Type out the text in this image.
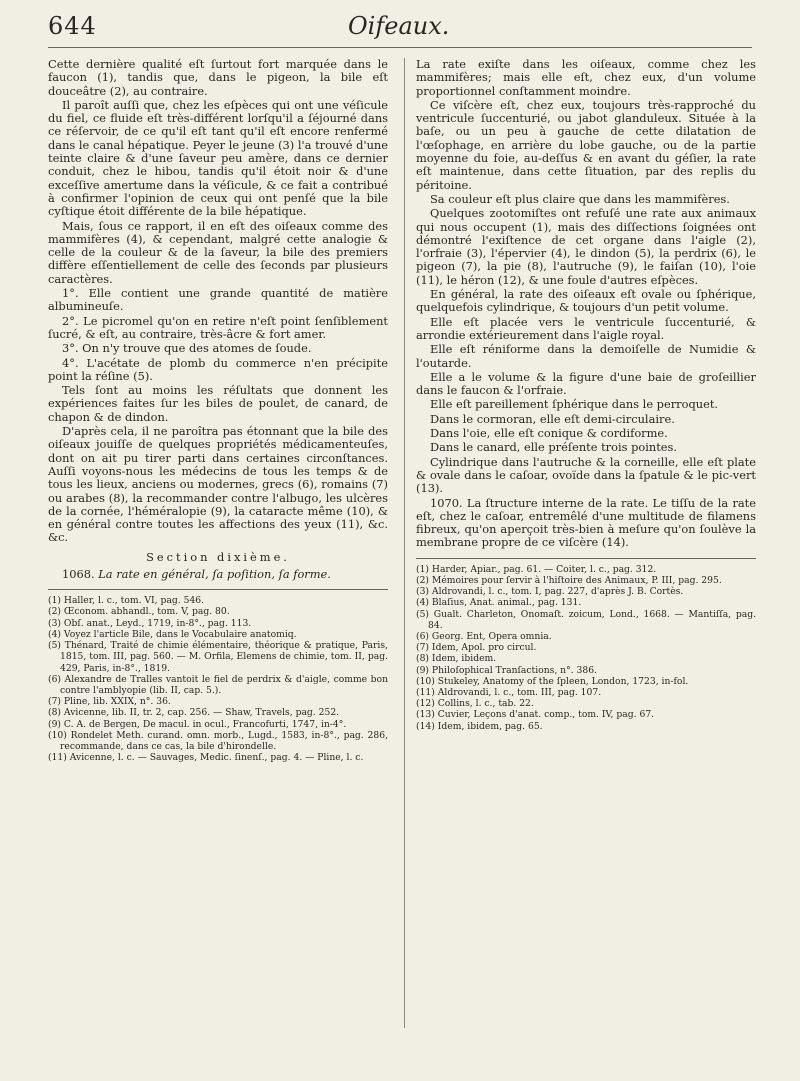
644	Oifeaux.

Cette dernière qualité eſt ſurtout fort marquée dans le faucon (1), tandis que, dans le pigeon, la bile eſt douceâtre (2), au contraire.

Il paroît auſſi que, chez les eſpèces qui ont une véſicule du fiel, ce fluide eſt très-différent lorſqu'il a ſéjourné dans ce réſervoir, de ce qu'il eſt tant qu'il eſt encore renfermé dans le canal hépatique. Peyer le jeune (3) l'a trouvé d'une teinte claire & d'une ſaveur peu amère, dans ce dernier conduit, chez le hibou, tandis qu'il étoit noir & d'une exceſſive amertume dans la véſicule, & ce fait a contribué à confirmer l'opinion de ceux qui ont penſé que la bile cyſtique étoit différente de la bile hépatique.

Mais, ſous ce rapport, il en eſt des oiſeaux comme des mammifères (4), & cependant, malgré cette analogie & celle de la couleur & de la ſaveur, la bile des premiers diffère eſſentiellement de celle des ſeconds par plusieurs caractères.

1°. Elle contient une grande quantité de matière albumineuſe.

2°. Le picromel qu'on en retire n'eſt point ſenſiblement ſucré, & eſt, au contraire, très-âcre & fort amer.

3°. On n'y trouve que des atomes de ſoude.

4°. L'acétate de plomb du commerce n'en précipite point la réſine (5).

Tels ſont au moins les réſultats que donnent les expériences faites ſur les biles de poulet, de canard, de chapon & de dindon.

D'après cela, il ne paroîtra pas étonnant que la bile des oiſeaux jouiſſe de quelques propriétés médicamenteuſes, dont on ait pu tirer parti dans certaines circonſtances. Auſſi voyons-nous les médecins de tous les temps & de tous les lieux, anciens ou modernes, grecs (6), romains (7) ou arabes (8), la recommander contre l'albugo, les ulcères de la cornée, l'héméralopie (9), la cataracte même (10), & en général contre toutes les affections des yeux (11), &c. &c.

Section dixième.

1068. La rate en général, ſa poſition, ſa forme.

(1) Haller, l. c., tom. VI, pag. 546.

(2) Œconom. abhandl., tom. V, pag. 80.

(3) Obſ. anat., Leyd., 1719, in-8°., pag. 113.

(4) Voyez l'article Bile, dans le Vocabulaire anatomiq.

(5) Thénard, Traité de chimie élémentaire, théorique & pratique, Paris, 1815, tom. III, pag. 560. — M. Orfila, Elemens de chimie, tom. II, pag. 429, Paris, in-8°., 1819.

(6) Alexandre de Tralles vantoit le fiel de perdrix & d'aigle, comme bon contre l'amblyopie (lib. II, cap. 5.).

(7) Pline, lib. XXIX, n°. 36.

(8) Avicenne, lib. II, tr. 2, cap. 256. — Shaw, Travels, pag. 252.

(9) C. A. de Bergen, De macul. in ocul., Francofurti, 1747, in-4°.

(10) Rondelet Meth. curand. omn. morb., Lugd., 1583, in-8°., pag. 286, recommande, dans ce cas, la bile d'hirondelle.

(11) Avicenne, l. c. — Sauvages, Medic. ſinenſ., pag. 4. — Pline, l. c.

La rate exiſte dans les oiſeaux, comme chez les mammifères; mais elle eſt, chez eux, d'un volume proportionnel conſtamment moindre.

Ce viſcère eſt, chez eux, toujours très-rapproché du ventricule ſuccenturié, ou jabot glanduleux. Située à la baſe, ou un peu à gauche de cette dilatation de l'œſophage, en arrière du lobe gauche, ou de la partie moyenne du foie, au-deſſus & en avant du géſier, la rate eſt maintenue, dans cette ſituation, par des replis du péritoine.

Sa couleur eſt plus claire que dans les mammifères.

Quelques zootomiſtes ont refuſé une rate aux animaux qui nous occupent (1), mais des diſſections ſoignées ont démontré l'exiſtence de cet organe dans l'aigle (2), l'orfraie (3), l'épervier (4), le dindon (5), la perdrix (6), le pigeon (7), la pie (8), l'autruche (9), le faiſan (10), l'oie (11), le héron (12), & une foule d'autres eſpèces.

En général, la rate des oiſeaux eſt ovale ou ſphérique, quelquefois cylindrique, & toujours d'un petit volume.

Elle eſt placée vers le ventricule ſuccenturié, & arrondie extérieurement dans l'aigle royal.

Elle eſt réniforme dans la demoiſelle de Numidie & l'outarde.

Elle a le volume & la figure d'une baie de groſeillier dans le faucon & l'orfraie.

Elle eſt pareillement ſphérique dans le perroquet.

Dans le cormoran, elle eſt demi-circulaire.

Dans l'oie, elle eſt conique & cordiforme.

Dans le canard, elle préſente trois pointes.

Cylindrique dans l'autruche & la corneille, elle eſt plate & ovale dans le caſoar, ovoïde dans la ſpatule & le pic-vert (13).

1070. La ſtructure interne de la rate. Le tiſſu de la rate eſt, chez le caſoar, entremêlé d'une multitude de filamens fibreux, qu'on aperçoit très-bien à meſure qu'on ſoulève la membrane propre de ce viſcère (14).

(1) Harder, Apiar., pag. 61. — Coiter, l. c., pag. 312.

(2) Mémoires pour ſervir à l'hiſtoire des Animaux, P. III, pag. 295.

(3) Aldrovandi, l. c., tom. I, pag. 227, d'après J. B. Cortès.

(4) Blaſius, Anat. animal., pag. 131.

(5) Gualt. Charleton, Onomaſt. zoicum, Lond., 1668. — Mantiſſa, pag. 84.

(6) Georg. Ent, Opera omnia.

(7) Idem, Apol. pro circul.

(8) Idem, ibidem.

(9) Philoſophical Tranſactions, n°. 386.

(10) Stukeley, Anatomy of the ſpleen, London, 1723, in-fol.

(11) Aldrovandi, l. c., tom. III, pag. 107.

(12) Collins, l. c., tab. 22.

(13) Cuvier, Leçons d'anat. comp., tom. IV, pag. 67.

(14) Idem, ibidem, pag. 65.
